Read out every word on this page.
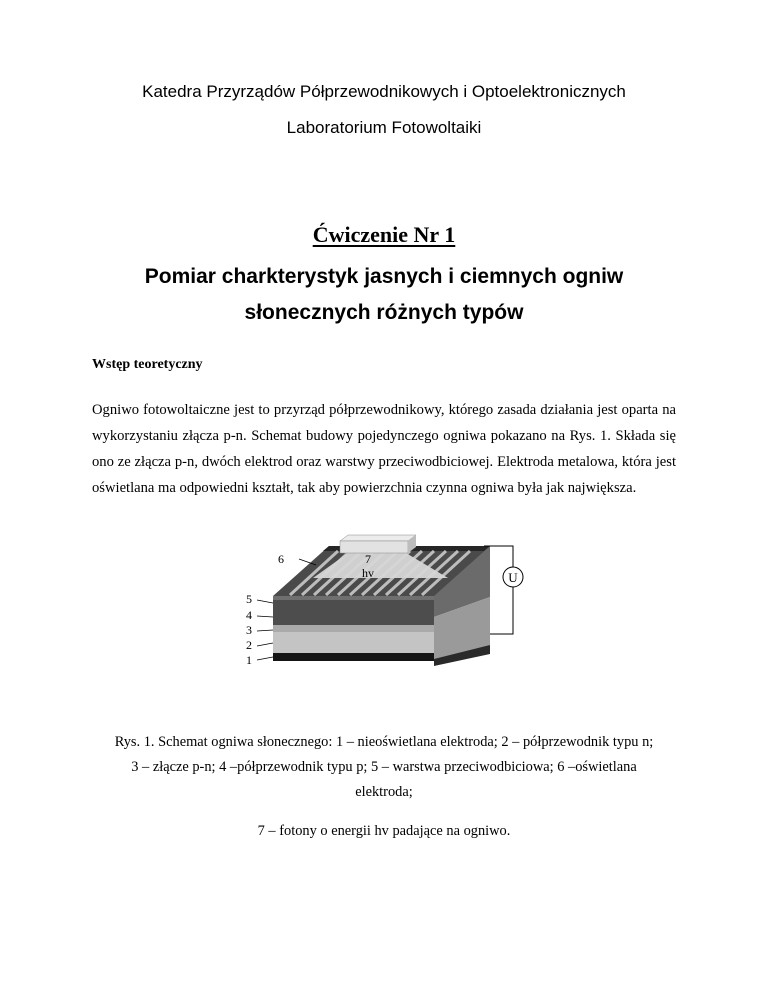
Katedra Przyrządów Półprzewodnikowych i Optoelektronicznych
Laboratorium Fotowoltaiki
Ćwiczenie Nr 1
Pomiar charkterystyk jasnych i ciemnych ogniw
słonecznych różnych typów
Wstęp teoretyczny
Ogniwo fotowoltaiczne jest to przyrząd półprzewodnikowy, którego zasada działania jest oparta na wykorzystaniu złącza p-n. Schemat budowy pojedynczego ogniwa pokazano na Rys. 1. Składa się ono ze złącza p-n, dwóch elektrod oraz warstwy przeciwodbiciowej. Elektroda metalowa, która jest oświetlana ma odpowiedni kształt, tak aby powierzchnia czynna ogniwa była jak największa.
U
6	7
hv
5
4
3
2
1
Rys. 1. Schemat ogniwa słonecznego: 1 – nieoświetlana elektroda; 2 – półprzewodnik typu n;
3 – złącze p-n; 4 –półprzewodnik typu p; 5 – warstwa przeciwodbiciowa; 6 –oświetlana
elektroda;
7 – fotony o energii hv padające na ogniwo.
